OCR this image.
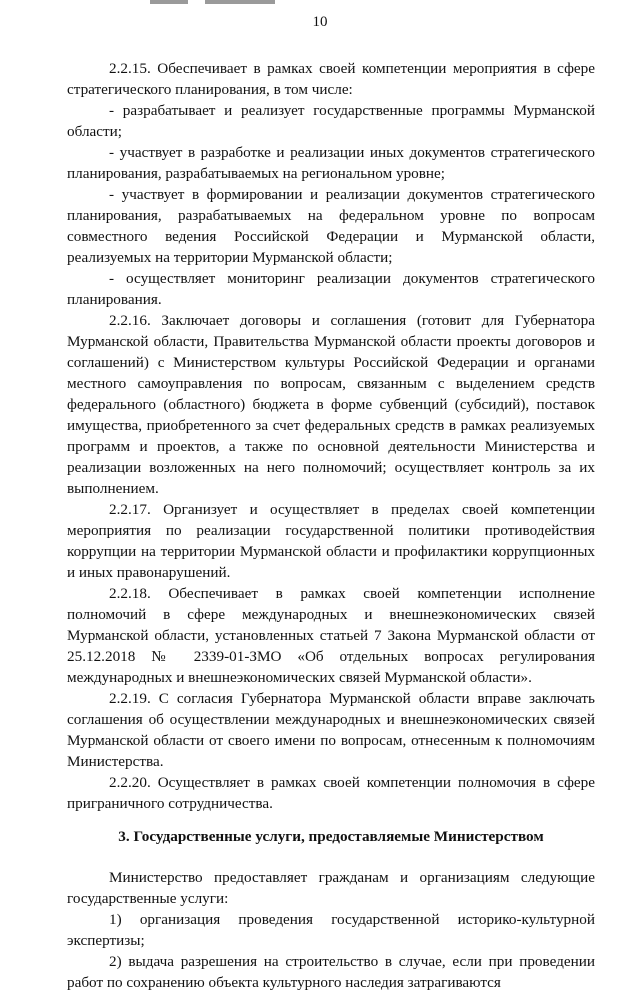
10

2.2.15. Обеспечивает в рамках своей компетенции мероприятия в сфере стратегического планирования, в том числе:

- разрабатывает и реализует государственные программы Мурманской области;

- участвует в разработке и реализации иных документов стратегического планирования, разрабатываемых на региональном уровне;

- участвует в формировании и реализации документов стратегического планирования, разрабатываемых на федеральном уровне по вопросам совместного ведения Российской Федерации и Мурманской области, реализуемых на территории Мурманской области;

- осуществляет мониторинг реализации документов стратегического планирования.

2.2.16. Заключает договоры и соглашения (готовит для Губернатора Мурманской области, Правительства Мурманской области проекты договоров и соглашений) с Министерством культуры Российской Федерации и органами местного самоуправления по вопросам, связанным с выделением средств федерального (областного) бюджета в форме субвенций (субсидий), поставок имущества, приобретенного за счет федеральных средств в рамках реализуемых программ и проектов, а также по основной деятельности Министерства и реализации возложенных на него полномочий; осуществляет контроль за их выполнением.

2.2.17. Организует и осуществляет в пределах своей компетенции мероприятия по реализации государственной политики противодействия коррупции на территории Мурманской области и профилактики коррупционных и иных правонарушений.

2.2.18. Обеспечивает в рамках своей компетенции исполнение полномочий в сфере международных и внешнеэкономических связей Мурманской области, установленных статьей 7 Закона Мурманской области от 25.12.2018 № 2339-01-ЗМО «Об отдельных вопросах регулирования международных и внешнеэкономических связей Мурманской области».

2.2.19. С согласия Губернатора Мурманской области вправе заключать соглашения об осуществлении международных и внешнеэкономических связей Мурманской области от своего имени по вопросам, отнесенным к полномочиям Министерства.

2.2.20. Осуществляет в рамках своей компетенции полномочия в сфере приграничного сотрудничества.

3. Государственные услуги, предоставляемые Министерством

Министерство предоставляет гражданам и организациям следующие государственные услуги:

1) организация проведения государственной историко-культурной экспертизы;

2) выдача разрешения на строительство в случае, если при проведении работ по сохранению объекта культурного наследия затрагиваются
